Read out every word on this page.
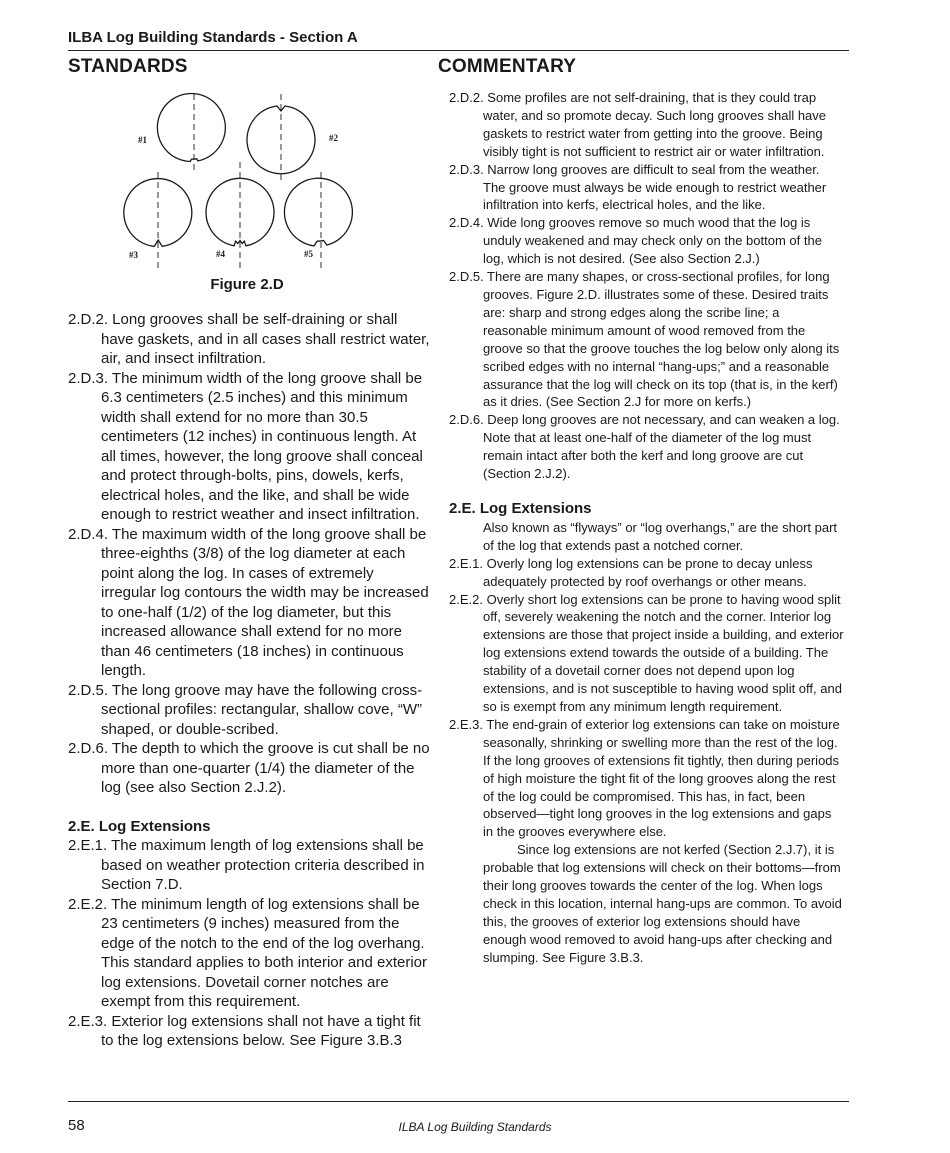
ILBA Log Building Standards - Section A
STANDARDS	COMMENTARY
#1	#2
#3	#4	#5
Figure 2.D
2.D.2. Long grooves shall be self-draining or shall have gaskets, and in all cases shall restrict water, air, and insect infiltration.
2.D.3. The minimum width of the long groove shall be 6.3 centimeters (2.5 inches) and this minimum width shall extend for no more than 30.5 centimeters (12 inches) in continuous length. At all times, however, the long groove shall conceal and protect through-bolts, pins, dowels, kerfs, electrical holes, and the like, and shall be wide enough to restrict weather and insect infiltration.
2.D.4. The maximum width of the long groove shall be three-eighths (3/8) of the log diameter at each point along the log. In cases of extremely irregular log contours the width may be increased to one-half (1/2) of the log diameter, but this increased allowance shall extend for no more than 46 centimeters (18 inches) in continuous length.
2.D.5. The long groove may have the following cross-sectional profiles: rectangular, shallow cove, “W” shaped, or double-scribed.
2.D.6. The depth to which the groove is cut shall be no more than one-quarter (1/4) the diameter of the log (see also Section 2.J.2).
2.E. Log Extensions
2.E.1. The maximum length of log extensions shall be based on weather protection criteria described in Section 7.D.
2.E.2. The minimum length of log extensions shall be 23 centimeters (9 inches) measured from the edge of the notch to the end of the log overhang. This standard applies to both interior and exterior log extensions. Dovetail corner notches are exempt from this requirement.
2.E.3. Exterior log extensions shall not have a tight fit to the log extensions below. See Figure 3.B.3
2.D.2. Some profiles are not self-draining, that is they could trap water, and so promote decay. Such long grooves shall have gaskets to restrict water from getting into the groove. Being visibly tight is not sufficient to restrict air or water infiltration.
2.D.3. Narrow long grooves are difficult to seal from the weather. The groove must always be wide enough to restrict weather infiltration into kerfs, electrical holes, and the like.
2.D.4. Wide long grooves remove so much wood that the log is unduly weakened and may check only on the bottom of the log, which is not desired. (See also Section 2.J.)
2.D.5. There are many shapes, or cross-sectional profiles, for long grooves. Figure 2.D. illustrates some of these. Desired traits are: sharp and strong edges along the scribe line; a reasonable minimum amount of wood removed from the groove so that the groove touches the log below only along its scribed edges with no internal “hang-ups;” and a reasonable assurance that the log will check on its top (that is, in the kerf) as it dries. (See Section 2.J for more on kerfs.)
2.D.6. Deep long grooves are not necessary, and can weaken a log. Note that at least one-half of the diameter of the log must remain intact after both the kerf and long groove are cut (Section 2.J.2).
2.E. Log Extensions
Also known as “flyways” or “log overhangs,” are the short part of the log that extends past a notched corner.
2.E.1. Overly long log extensions can be prone to decay unless adequately protected by roof overhangs or other means.
2.E.2. Overly short log extensions can be prone to having wood split off, severely weakening the notch and the corner. Interior log extensions are those that project inside a building, and exterior log extensions extend towards the outside of a building. The stability of a dovetail corner does not depend upon log extensions, and is not susceptible to having wood split off, and so is exempt from any minimum length requirement.
2.E.3. The end-grain of exterior log extensions can take on moisture seasonally, shrinking or swelling more than the rest of the log. If the long grooves of extensions fit tightly, then during periods of high moisture the tight fit of the long grooves along the rest of the log could be compromised. This has, in fact, been observed—tight long grooves in the log extensions and gaps in the grooves everywhere else.
Since log extensions are not kerfed (Section 2.J.7), it is probable that log extensions will check on their bottoms—from their long grooves towards the center of the log. When logs check in this location, internal hang-ups are common. To avoid this, the grooves of exterior log extensions should have enough wood removed to avoid hang-ups after checking and slumping. See Figure 3.B.3.
58	ILBA Log Building Standards
